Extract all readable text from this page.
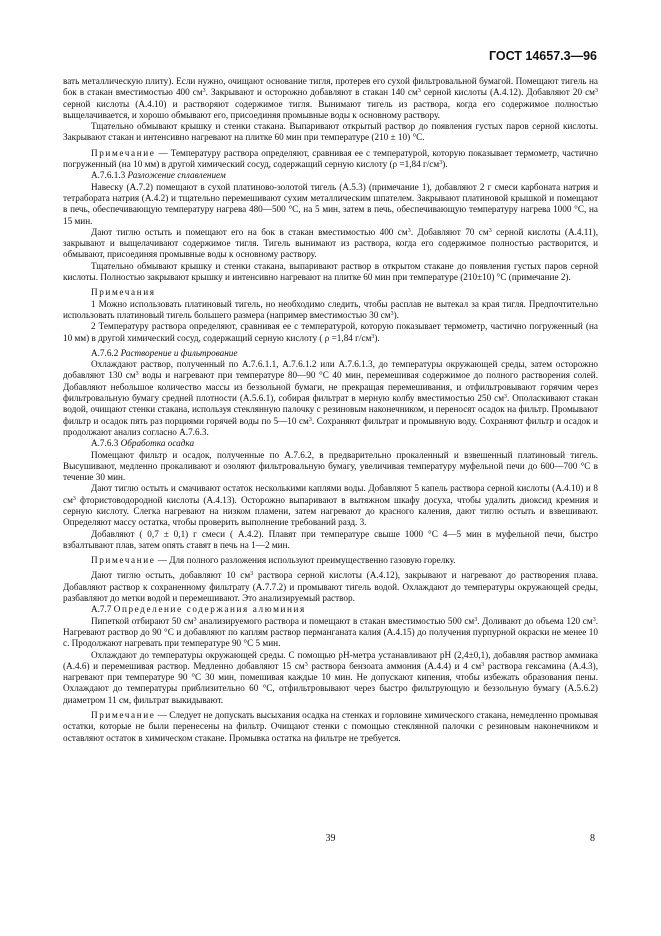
ГОСТ 14657.3—96

вать металлическую плиту). Если нужно, очищают основание тигля, протерев его сухой фильтровальной бумагой. Помещают тигель на бок в стакан вместимостью 400 $см^3$. Закрывают и осторожно добавляют в стакан 140 $см^3$ серной кислоты (А.4.12). Добавляют 20 $см^3$ серной кислоты (А.4.10) и растворяют содержимое тигля. Вынимают тигель из раствора, когда его содержимое полностью выщелачивается, и хорошо обмывают его, присоединяя промывные воды к основному раствору.

Тщательно обмывают крышку и стенки стакана. Выпаривают открытый раствор до появления густых паров серной кислоты. Закрывают стакан и интенсивно нагревают на плитке 60 мин при температуре (210 ± 10) °С.

Примечание — Температуру раствора определяют, сравнивая ее с температурой, которую показывает термометр, частично погруженный (на 10 мм) в другой химический сосуд, содержащий серную кислоту (ρ =1,84 $г/см^3$).

А.7.6.1.3 Разложение сплавлением

Навеску (А.7.2) помещают в сухой платиново-золотой тигель (А.5.3) (примечание 1), добавляют 2 г смеси карбоната натрия и тетрабората натрия (А.4.2) и тщательно перемешивают сухим металлическим шпателем. Закрывают платиновой крышкой и помещают в печь, обеспечивающую температуру нагрева 480—500 °С, на 5 мин, затем в печь, обеспечивающую температуру нагрева 1000 °С, на 15 мин.

Дают тиглю остыть и помещают его на бок в стакан вместимостью 400 $см^3$. Добавляют 70 $см^3$ серной кислоты (А.4.11), закрывают и выщелачивают содержимое тигля. Тигель вынимают из раствора, когда его содержимое полностью растворится, и обмывают, присоединяя промывные воды к основному раствору.

Тщательно обмывают крышку и стенки стакана, выпаривают раствор в открытом стакане до появления густых паров серной кислоты. Полностью закрывают крышку и интенсивно нагревают на плитке 60 мин при температуре (210±10) °С (примечание 2).

Примечания

1 Можно использовать платиновый тигель, но необходимо следить, чтобы расплав не вытекал за края тигля. Предпочтительно использовать платиновый тигель большего размера (например вместимостью 30 $см^3$).

2 Температуру раствора определяют, сравнивая ее с температурой, которую показывает термометр, частично погруженный (на 10 мм) в другой химический сосуд, содержащий серную кислоту ( ρ =1,84 $г/см^3$).

А.7.6.2 Растворение и фильтрование

Охлаждают раствор, полученный по А.7.6.1.1, А.7.6.1.2 или А.7.6.1.3, до температуры окружающей среды, затем осторожно добавляют 130 $см^3$ воды и нагревают при температуре 80—90 °С 40 мин, перемешивая содержимое до полного растворения солей. Добавляют небольшое количество массы из беззольной бумаги, не прекращая перемешивания, и отфильтровывают горячим через фильтровальную бумагу средней плотности (А.5.6.1), собирая фильтрат в мерную колбу вместимостью 250 $см^3$. Ополаскивают стакан водой, очищают стенки стакана, используя стеклянную палочку с резиновым наконечником, и переносят осадок на фильтр. Промывают фильтр и осадок пять раз порциями горячей воды по 5—10 $см^3$. Сохраняют фильтрат и промывную воду. Сохраняют фильтр и осадок и продолжают анализ согласно А.7.6.3.

А.7.6.3 Обработка осадка

Помещают фильтр и осадок, полученные по А.7.6.2, в предварительно прокаленный и взвешенный платиновый тигель. Высушивают, медленно прокаливают и озоляют фильтровальную бумагу, увеличивая температуру муфельной печи до 600—700 °С в течение 30 мин.

Дают тиглю остыть и смачивают остаток несколькими каплями воды. Добавляют 5 капель раствора серной кислоты (А.4.10) и 8 $см^3$ фтористоводородной кислоты (А.4.13). Осторожно выпаривают в вытяжном шкафу досуха, чтобы удалить диоксид кремния и серную кислоту. Слегка нагревают на низком пламени, затем нагревают до красного каления, дают тиглю остыть и взвешивают. Определяют массу остатка, чтобы проверить выполнение требований разд. 3.

Добавляют ( 0,7 ± 0,1) г смеси ( А.4.2). Плавят при температуре свыше 1000 °С 4—5 мин в муфельной печи, быстро взбалтывают плав, затем опять ставят в печь на 1—2 мин.

Примечание — Для полного разложения используют преимущественно газовую горелку.

Дают тиглю остыть, добавляют 10 $см^3$ раствора серной кислоты (А.4.12), закрывают и нагревают до растворения плава. Добавляют раствор к сохраненному фильтрату (А.7.7.2) и промывают тигель водой. Охлаждают до температуры окружающей среды, разбавляют до метки водой и перемешивают. Это анализируемый раствор.

А.7.7 Определение содержания алюминия

Пипеткой отбирают 50 $см^3$ анализируемого раствора и помещают в стакан вместимостью 500 $см^3$. Доливают до объема 120 $см^3$. Нагревают раствор до 90 °С и добавляют по каплям раствор перманганата калия (А.4.15) до получения пурпурной окраски не менее 10 с. Продолжают нагревать при температуре 90 °С 5 мин.

Охлаждают до температуры окружающей среды. С помощью рН-метра устанавливают рН (2,4±0,1), добавляя раствор аммиака (А.4.6) и перемешивая раствор. Медленно добавляют 15 $см^3$ раствора бензоата аммония (А.4.4) и 4 $см^3$ раствора гексамина (А.4.3), нагревают при температуре 90 °С 30 мин, помешивая каждые 10 мин. Не допускают кипения, чтобы избежать образования пены. Охлаждают до температуры приблизительно 60 °С, отфильтровывают через быстро фильтрующую и беззольную бумагу (А.5.6.2) диаметром 11 см, фильтрат выкидывают.

Примечание — Следует не допускать высыхания осадка на стенках и горловине химического стакана, немедленно промывая остатки, которые не были перенесены на фильтр. Очищают стенки с помощью стеклянной палочки с резиновым наконечником и оставляют остаток в химическом стакане. Промывка остатка на фильтре не требуется.

39	8
